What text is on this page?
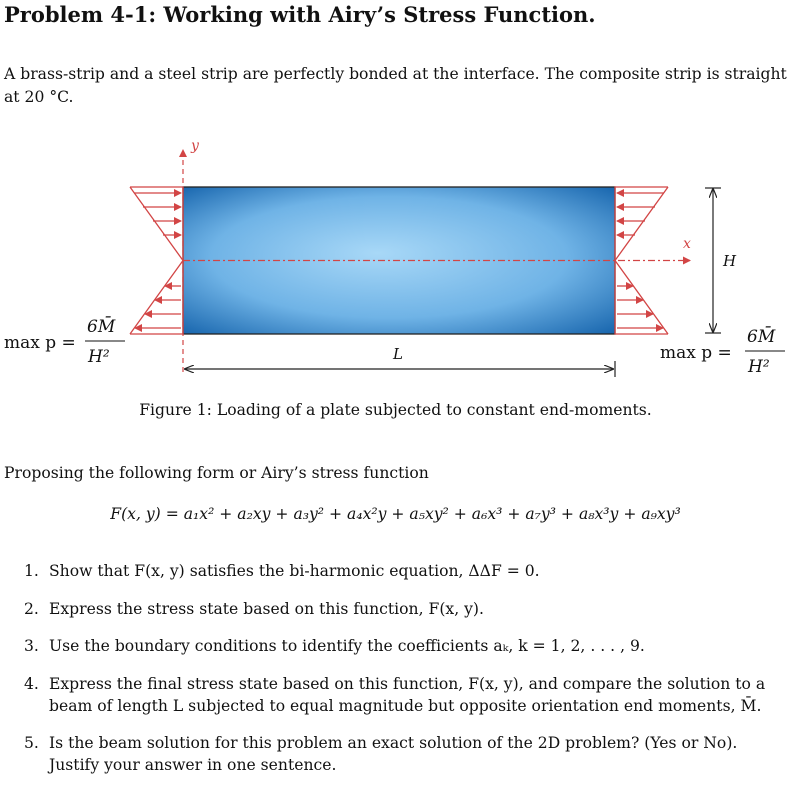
Problem 4-1: Working with Airy’s Stress Function.

A brass-strip and a steel strip are perfectly bonded at the interface. The composite strip is straight at 20 °C.

y
x
H
L
max p =
6M̄
H²	max p =
6M̄
H²
Figure 1: Loading of a plate subjected to constant end-moments.

Proposing the following form or Airy’s stress function

F(x, y) = a₁x² + a₂xy + a₃y² + a₄x²y + a₅xy² + a₆x³ + a₇y³ + a₈x³y + a₉xy³
1. Show that F(x, y) satisfies the bi-harmonic equation, ΔΔF = 0.
2. Express the stress state based on this function, F(x, y).
3. Use the boundary conditions to identify the coefficients aₖ, k = 1, 2, . . . , 9.
4. Express the final stress state based on this function, F(x, y), and compare the solution to a beam of length L subjected to equal magnitude but opposite orientation end moments, M̄.
5. Is the beam solution for this problem an exact solution of the 2D problem? (Yes or No). Justify your answer in one sentence.
